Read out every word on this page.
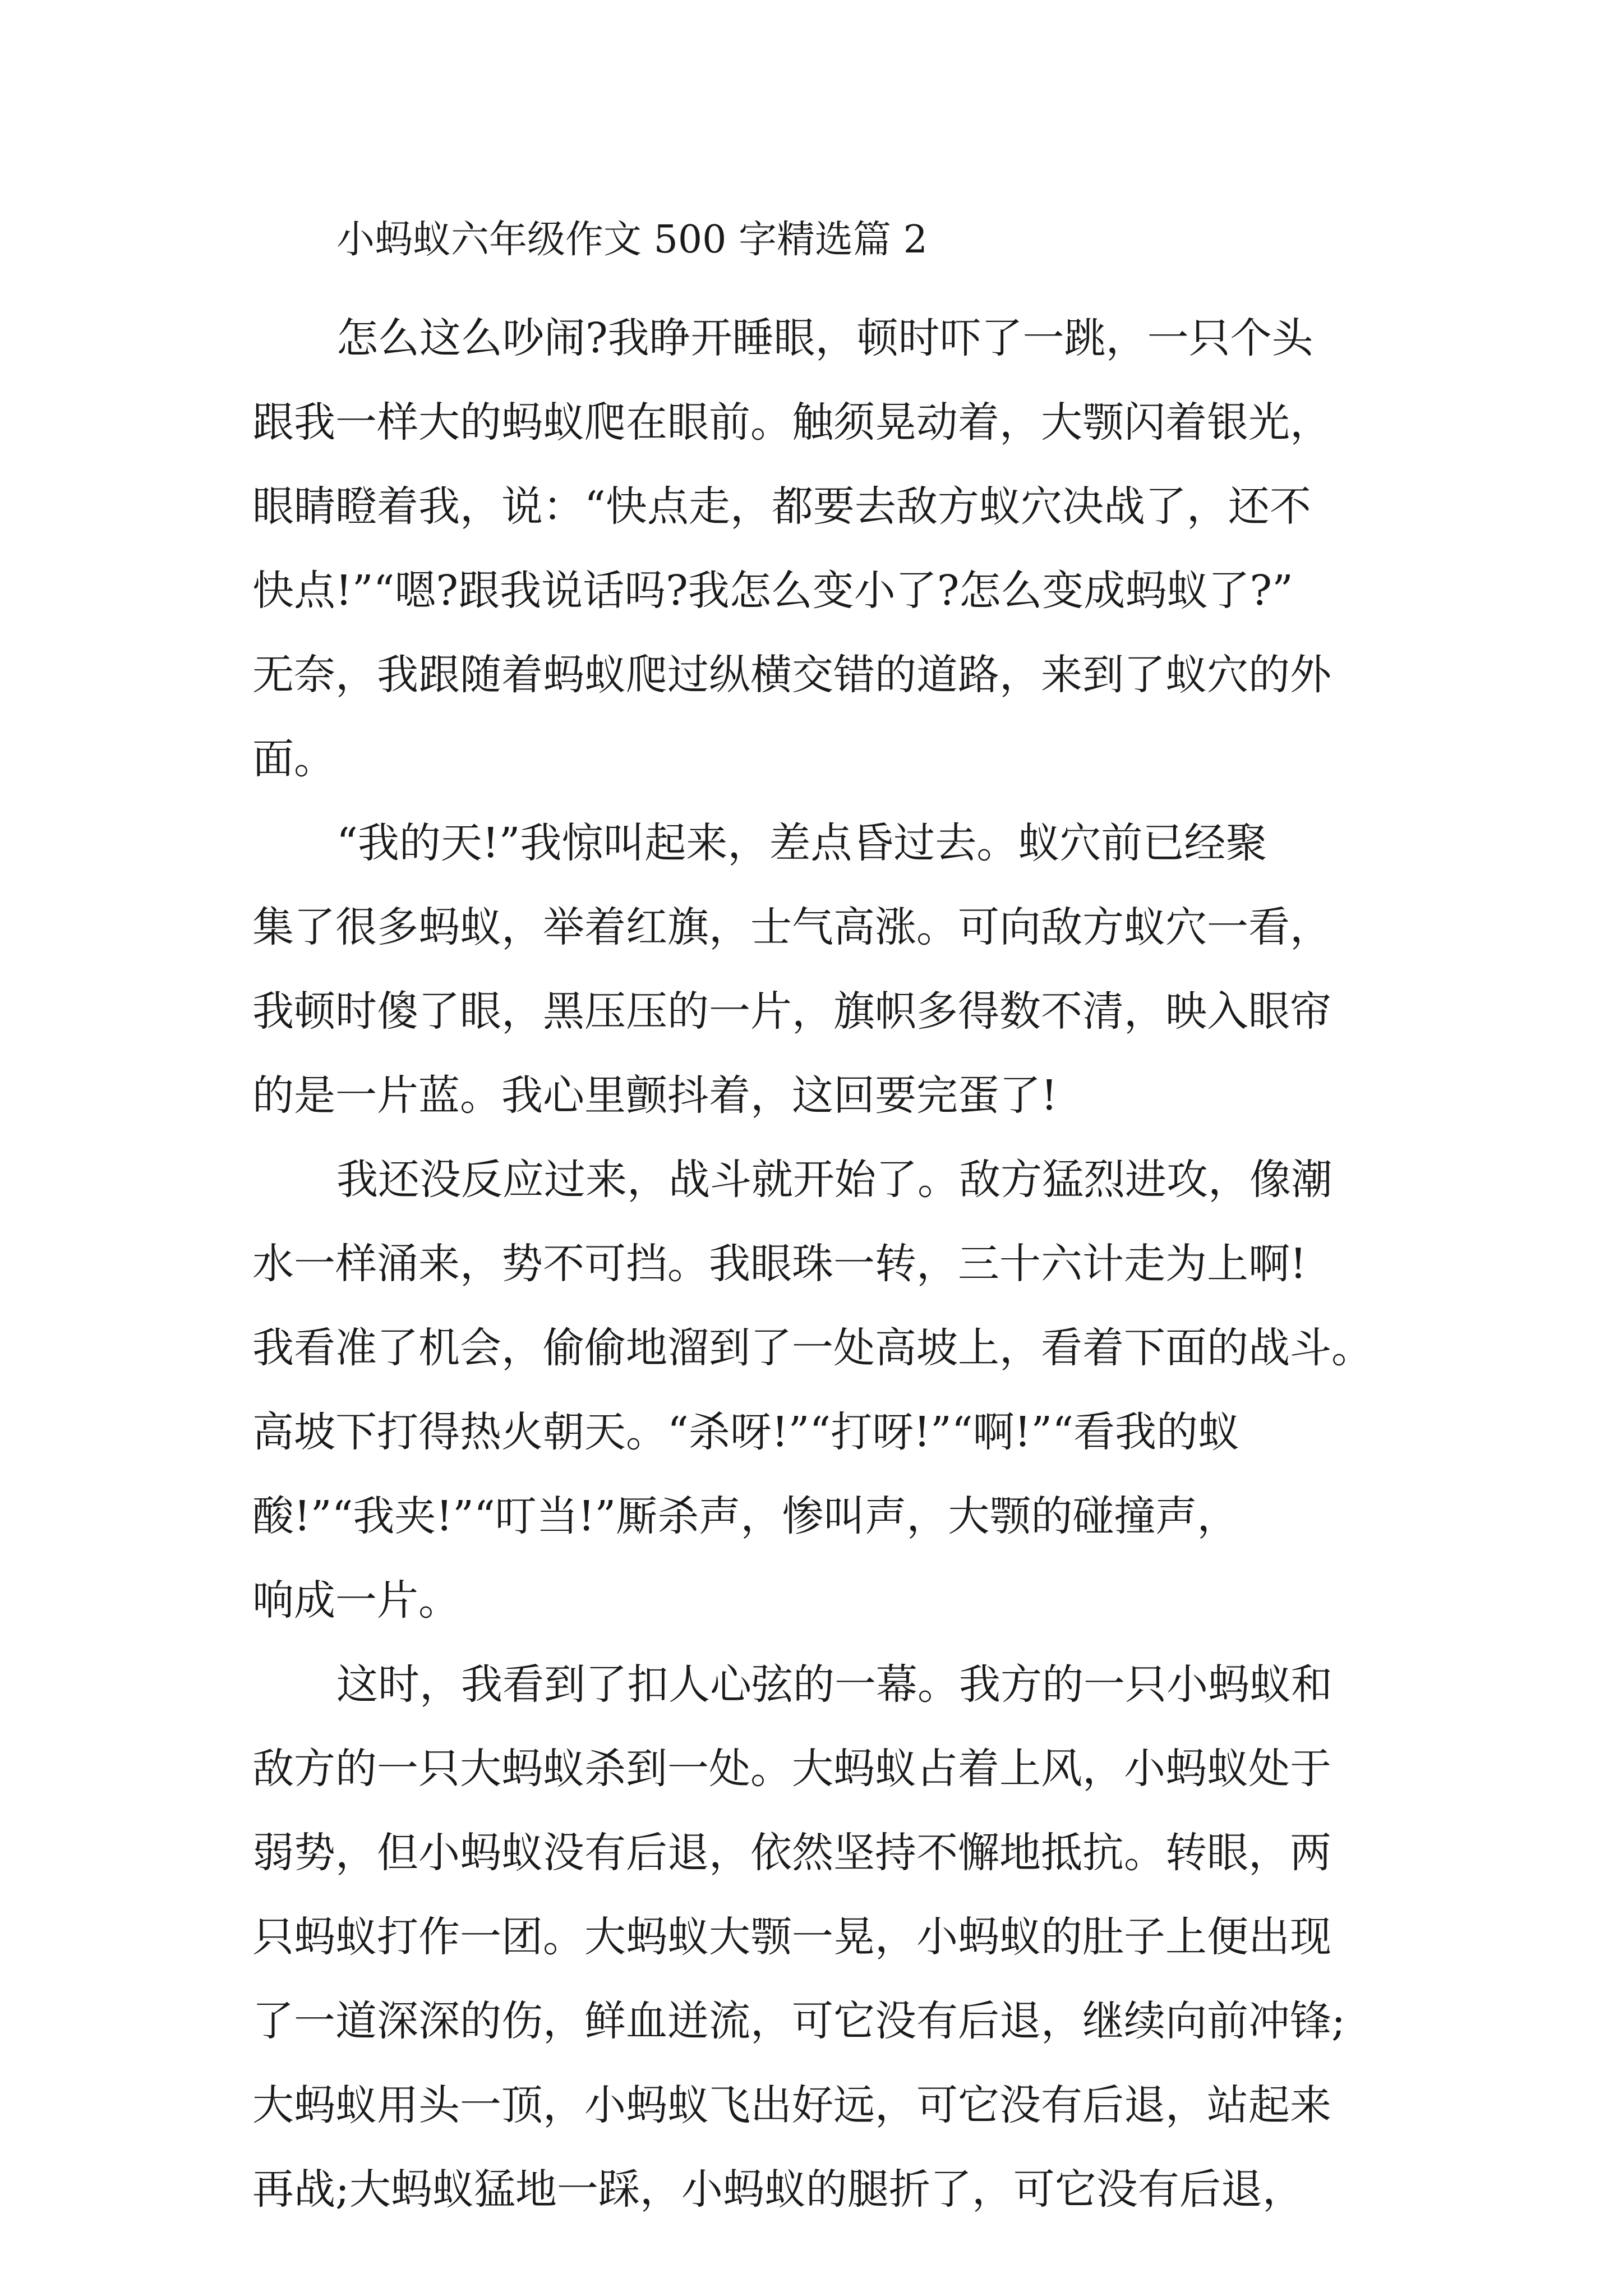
小蚂蚁六年级作文 500 字精选篇 2
怎么这么吵闹?我睁开睡眼，顿时吓了一跳，一只个头
跟我一样大的蚂蚁爬在眼前。触须晃动着，大颚闪着银光，
眼睛瞪着我，说：“快点走，都要去敌方蚁穴决战了，还不
快点!”“嗯?跟我说话吗?我怎么变小了?怎么变成蚂蚁了?”
无奈，我跟随着蚂蚁爬过纵横交错的道路，来到了蚁穴的外
面。
“我的天!”我惊叫起来，差点昏过去。蚁穴前已经聚
集了很多蚂蚁，举着红旗，士气高涨。可向敌方蚁穴一看，
我顿时傻了眼，黑压压的一片，旗帜多得数不清，映入眼帘
的是一片蓝。我心里颤抖着，这回要完蛋了!
我还没反应过来，战斗就开始了。敌方猛烈进攻，像潮
水一样涌来，势不可挡。我眼珠一转，三十六计走为上啊!
我看准了机会，偷偷地溜到了一处高坡上，看着下面的战斗。
高坡下打得热火朝天。“杀呀!”“打呀!”“啊!”“看我的蚁
酸!”“我夹!”“叮当!”厮杀声，惨叫声，大颚的碰撞声，
响成一片。
这时，我看到了扣人心弦的一幕。我方的一只小蚂蚁和
敌方的一只大蚂蚁杀到一处。大蚂蚁占着上风，小蚂蚁处于
弱势，但小蚂蚁没有后退，依然坚持不懈地抵抗。转眼，两
只蚂蚁打作一团。大蚂蚁大颚一晃，小蚂蚁的肚子上便出现
了一道深深的伤，鲜血迸流，可它没有后退，继续向前冲锋;
大蚂蚁用头一顶，小蚂蚁飞出好远，可它没有后退，站起来
再战;大蚂蚁猛地一踩，小蚂蚁的腿折了，可它没有后退，
